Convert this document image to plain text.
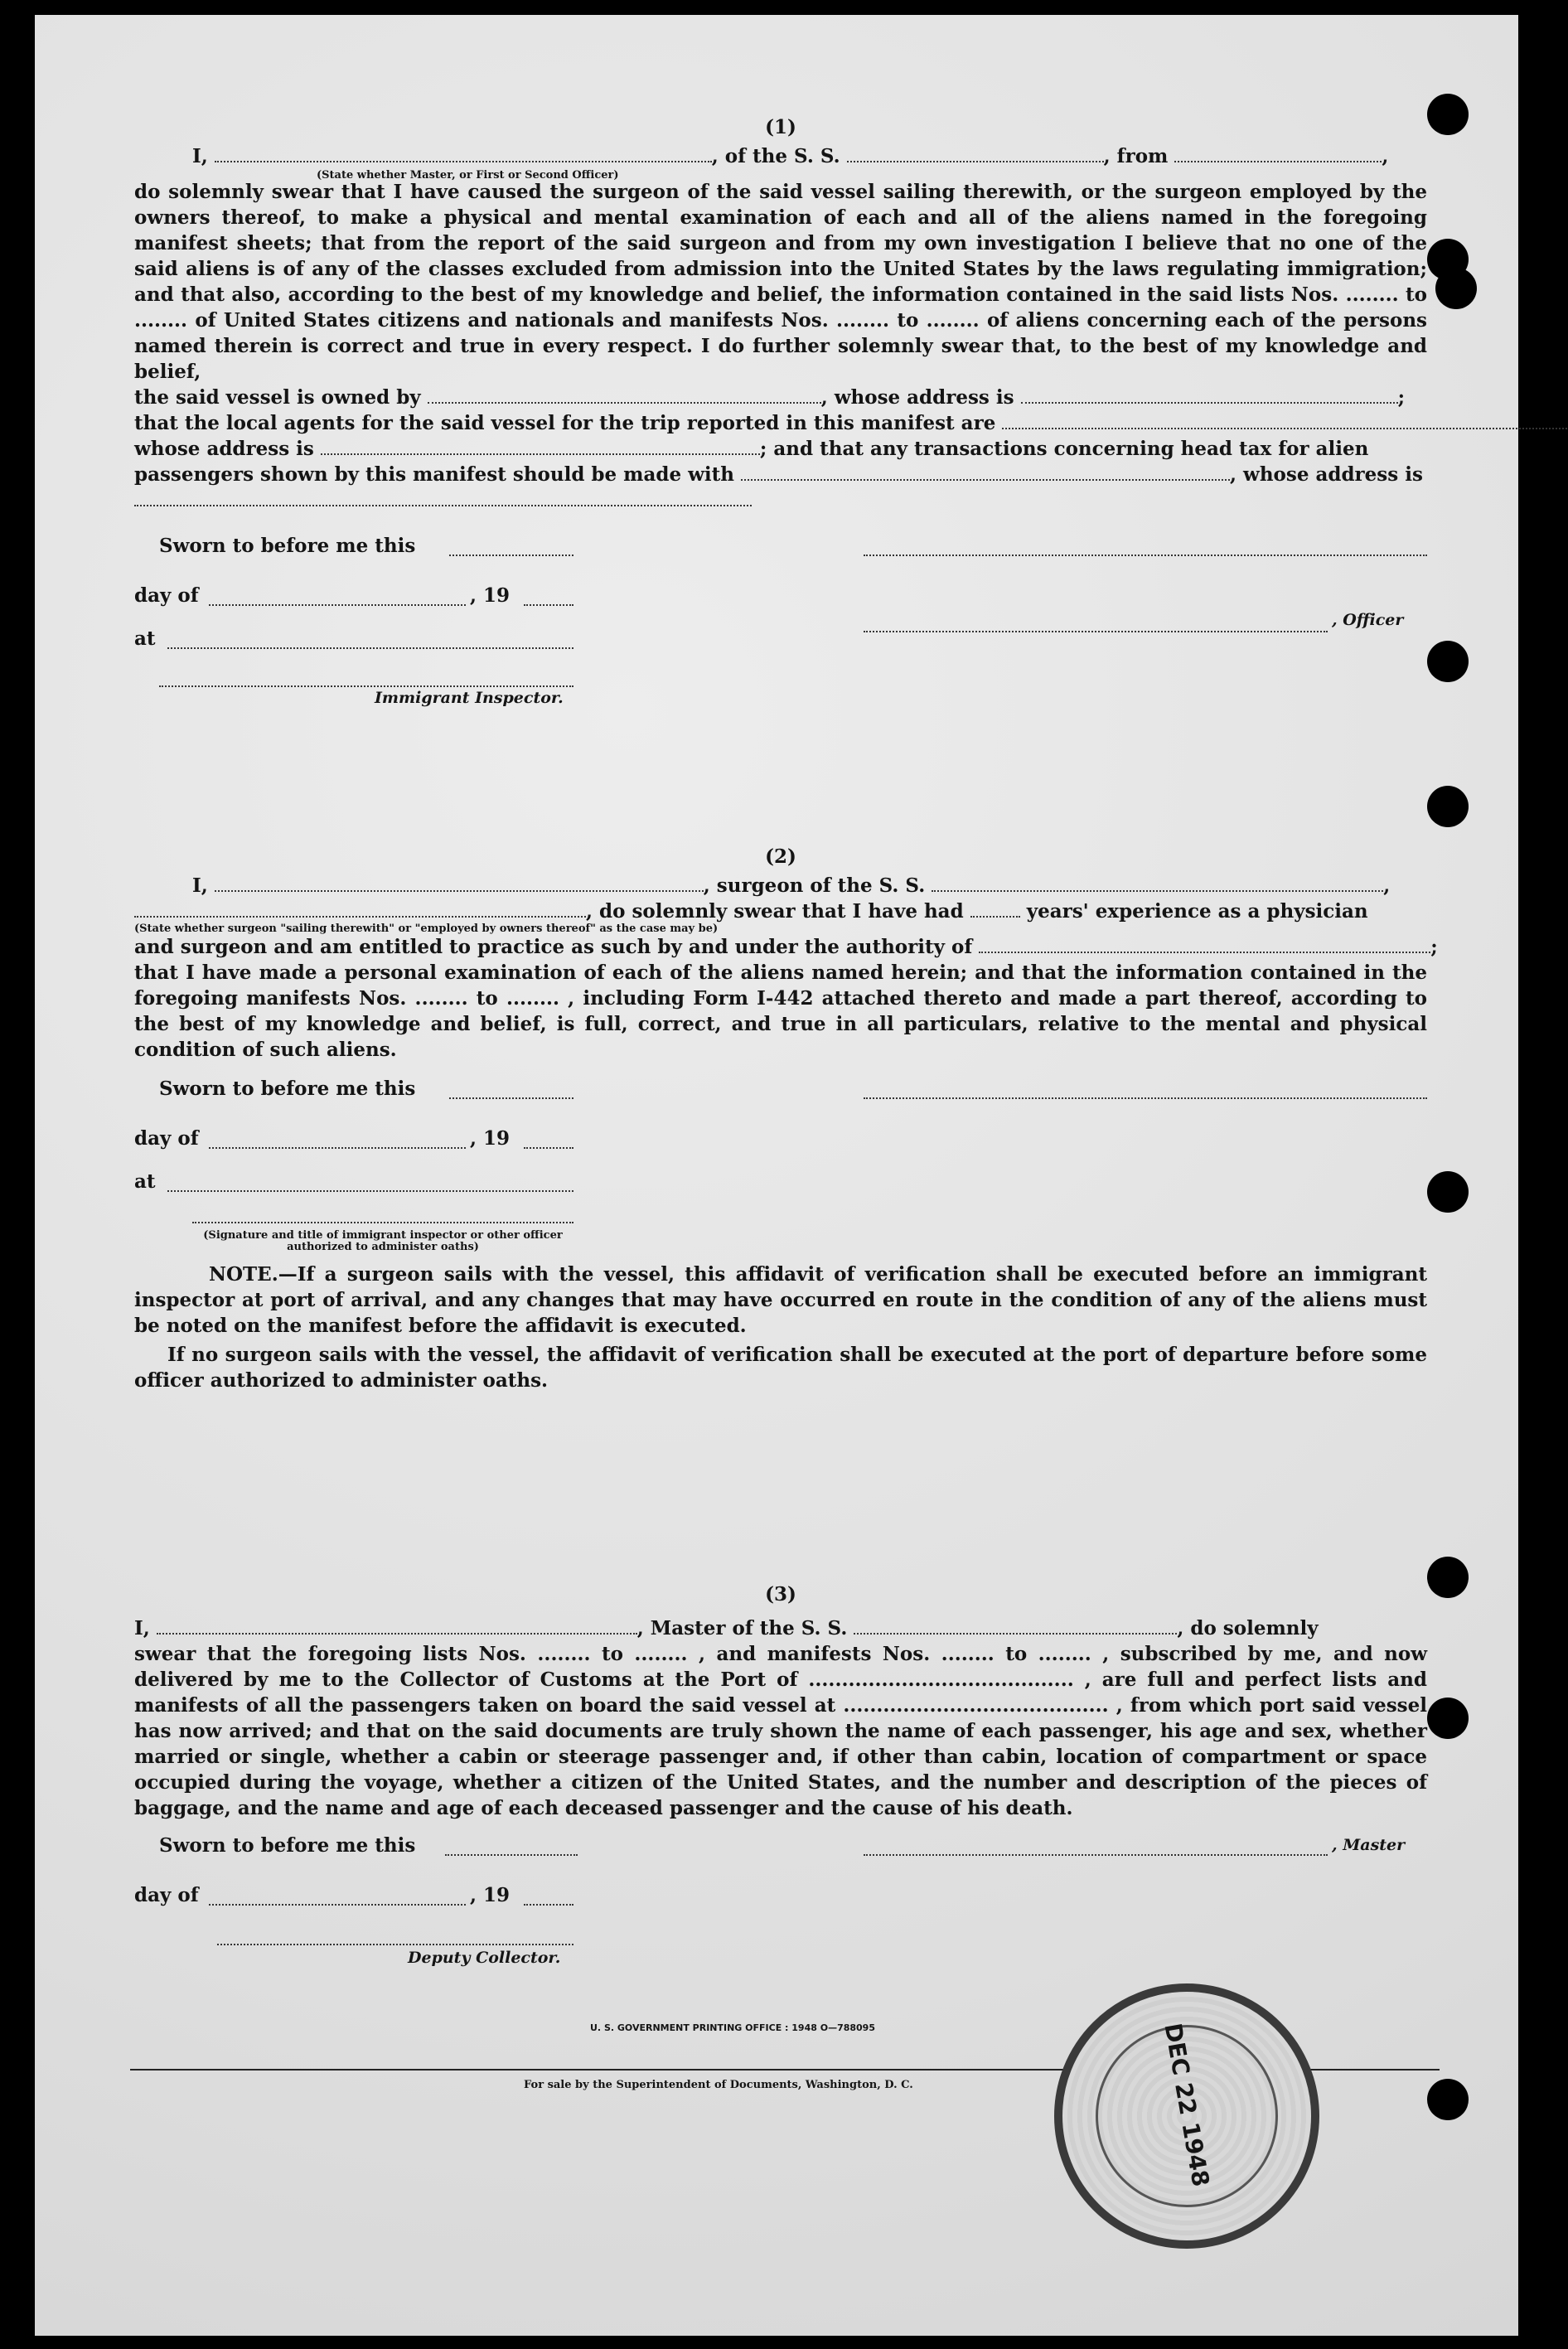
(1)
I,	, of the S. S.	, from	,
(State whether Master, or First or Second Officer)
do solemnly swear that I have caused the surgeon of the said vessel sailing therewith, or the surgeon employed by the owners thereof, to make a physical and mental examination of each and all of the aliens named in the foregoing manifest sheets; that from the report of the said surgeon and from my own investigation I believe that no one of the said aliens is of any of the classes excluded from admission into the United States by the laws regulating immigration; and that also, according to the best of my knowledge and belief, the information contained in the said lists Nos. ........ to ........ of United States citizens and nationals and manifests Nos. ........ to ........ of aliens concerning each of the persons named therein is correct and true in every respect. I do further solemnly swear that, to the best of my knowledge and belief,
the said vessel is owned by	, whose address is	;
that the local agents for the said vessel for the trip reported in this manifest are
whose address is	; and that any transactions concerning head tax for alien
passengers shown by this manifest should be made with	, whose address is
Sworn to before me this
day of	, 19
at
, Officer
Immigrant Inspector.
(2)
I,	, surgeon of the S. S.	,
, do solemnly swear that I have had	years' experience as a physician
(State whether surgeon "sailing therewith" or "employed by owners thereof" as the case may be)
and surgeon and am entitled to practice as such by and under the authority of	;
that I have made a personal examination of each of the aliens named herein; and that the information contained in the foregoing manifests Nos. ........ to ........ , including Form I-442 attached thereto and made a part thereof, according to the best of my knowledge and belief, is full, correct, and true in all particulars, relative to the mental and physical condition of such aliens.
Sworn to before me this
day of	, 19
at
(Signature and title of immigrant inspector or other officer authorized to administer oaths)
NOTE.—If a surgeon sails with the vessel, this affidavit of verification shall be executed before an immigrant inspector at port of arrival, and any changes that may have occurred en route in the condition of any of the aliens must be noted on the manifest before the affidavit is executed.
If no surgeon sails with the vessel, the affidavit of verification shall be executed at the port of departure before some officer authorized to administer oaths.
(3)
I,	, Master of the S. S.	, do solemnly
swear that the foregoing lists Nos. ........ to ........ , and manifests Nos. ........ to ........ , subscribed by me, and now delivered by me to the Collector of Customs at the Port of ........................................ , are full and perfect lists and manifests of all the passengers taken on board the said vessel at ........................................ , from which port said vessel has now arrived; and that on the said documents are truly shown the name of each passenger, his age and sex, whether married or single, whether a cabin or steerage passenger and, if other than cabin, location of compartment or space occupied during the voyage, whether a citizen of the United States, and the number and description of the pieces of baggage, and the name and age of each deceased passenger and the cause of his death.
Sworn to before me this	, Master
day of	, 19
Deputy Collector.
U. S. GOVERNMENT PRINTING OFFICE : 1948 O—788095
For sale by the Superintendent of Documents, Washington, D. C.	DEC 22 1948
